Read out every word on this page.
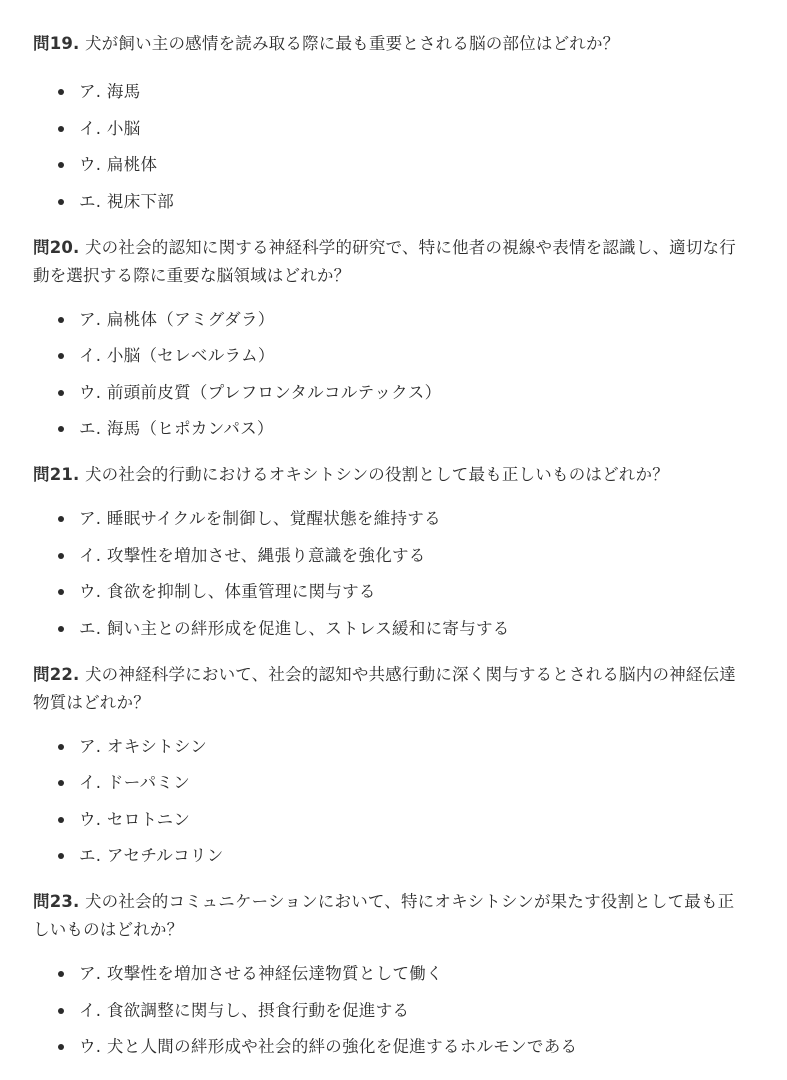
問19. 犬が飼い主の感情を読み取る際に最も重要とされる脳の部位はどれか？

ア. 海馬
イ. 小脳
ウ. 扁桃体
エ. 視床下部

問20. 犬の社会的認知に関する神経科学的研究で、特に他者の視線や表情を認識し、適切な行動を選択する際に重要な脳領域はどれか？

ア. 扁桃体（アミグダラ）
イ. 小脳（セレベルラム）
ウ. 前頭前皮質（プレフロンタルコルテックス）
エ. 海馬（ヒポカンパス）

問21. 犬の社会的行動におけるオキシトシンの役割として最も正しいものはどれか？

ア. 睡眠サイクルを制御し、覚醒状態を維持する
イ. 攻撃性を増加させ、縄張り意識を強化する
ウ. 食欲を抑制し、体重管理に関与する
エ. 飼い主との絆形成を促進し、ストレス緩和に寄与する

問22. 犬の神経科学において、社会的認知や共感行動に深く関与するとされる脳内の神経伝達物質はどれか？

ア. オキシトシン
イ. ドーパミン
ウ. セロトニン
エ. アセチルコリン

問23. 犬の社会的コミュニケーションにおいて、特にオキシトシンが果たす役割として最も正しいものはどれか？

ア. 攻撃性を増加させる神経伝達物質として働く
イ. 食欲調整に関与し、摂食行動を促進する
ウ. 犬と人間の絆形成や社会的絆の強化を促進するホルモンである
